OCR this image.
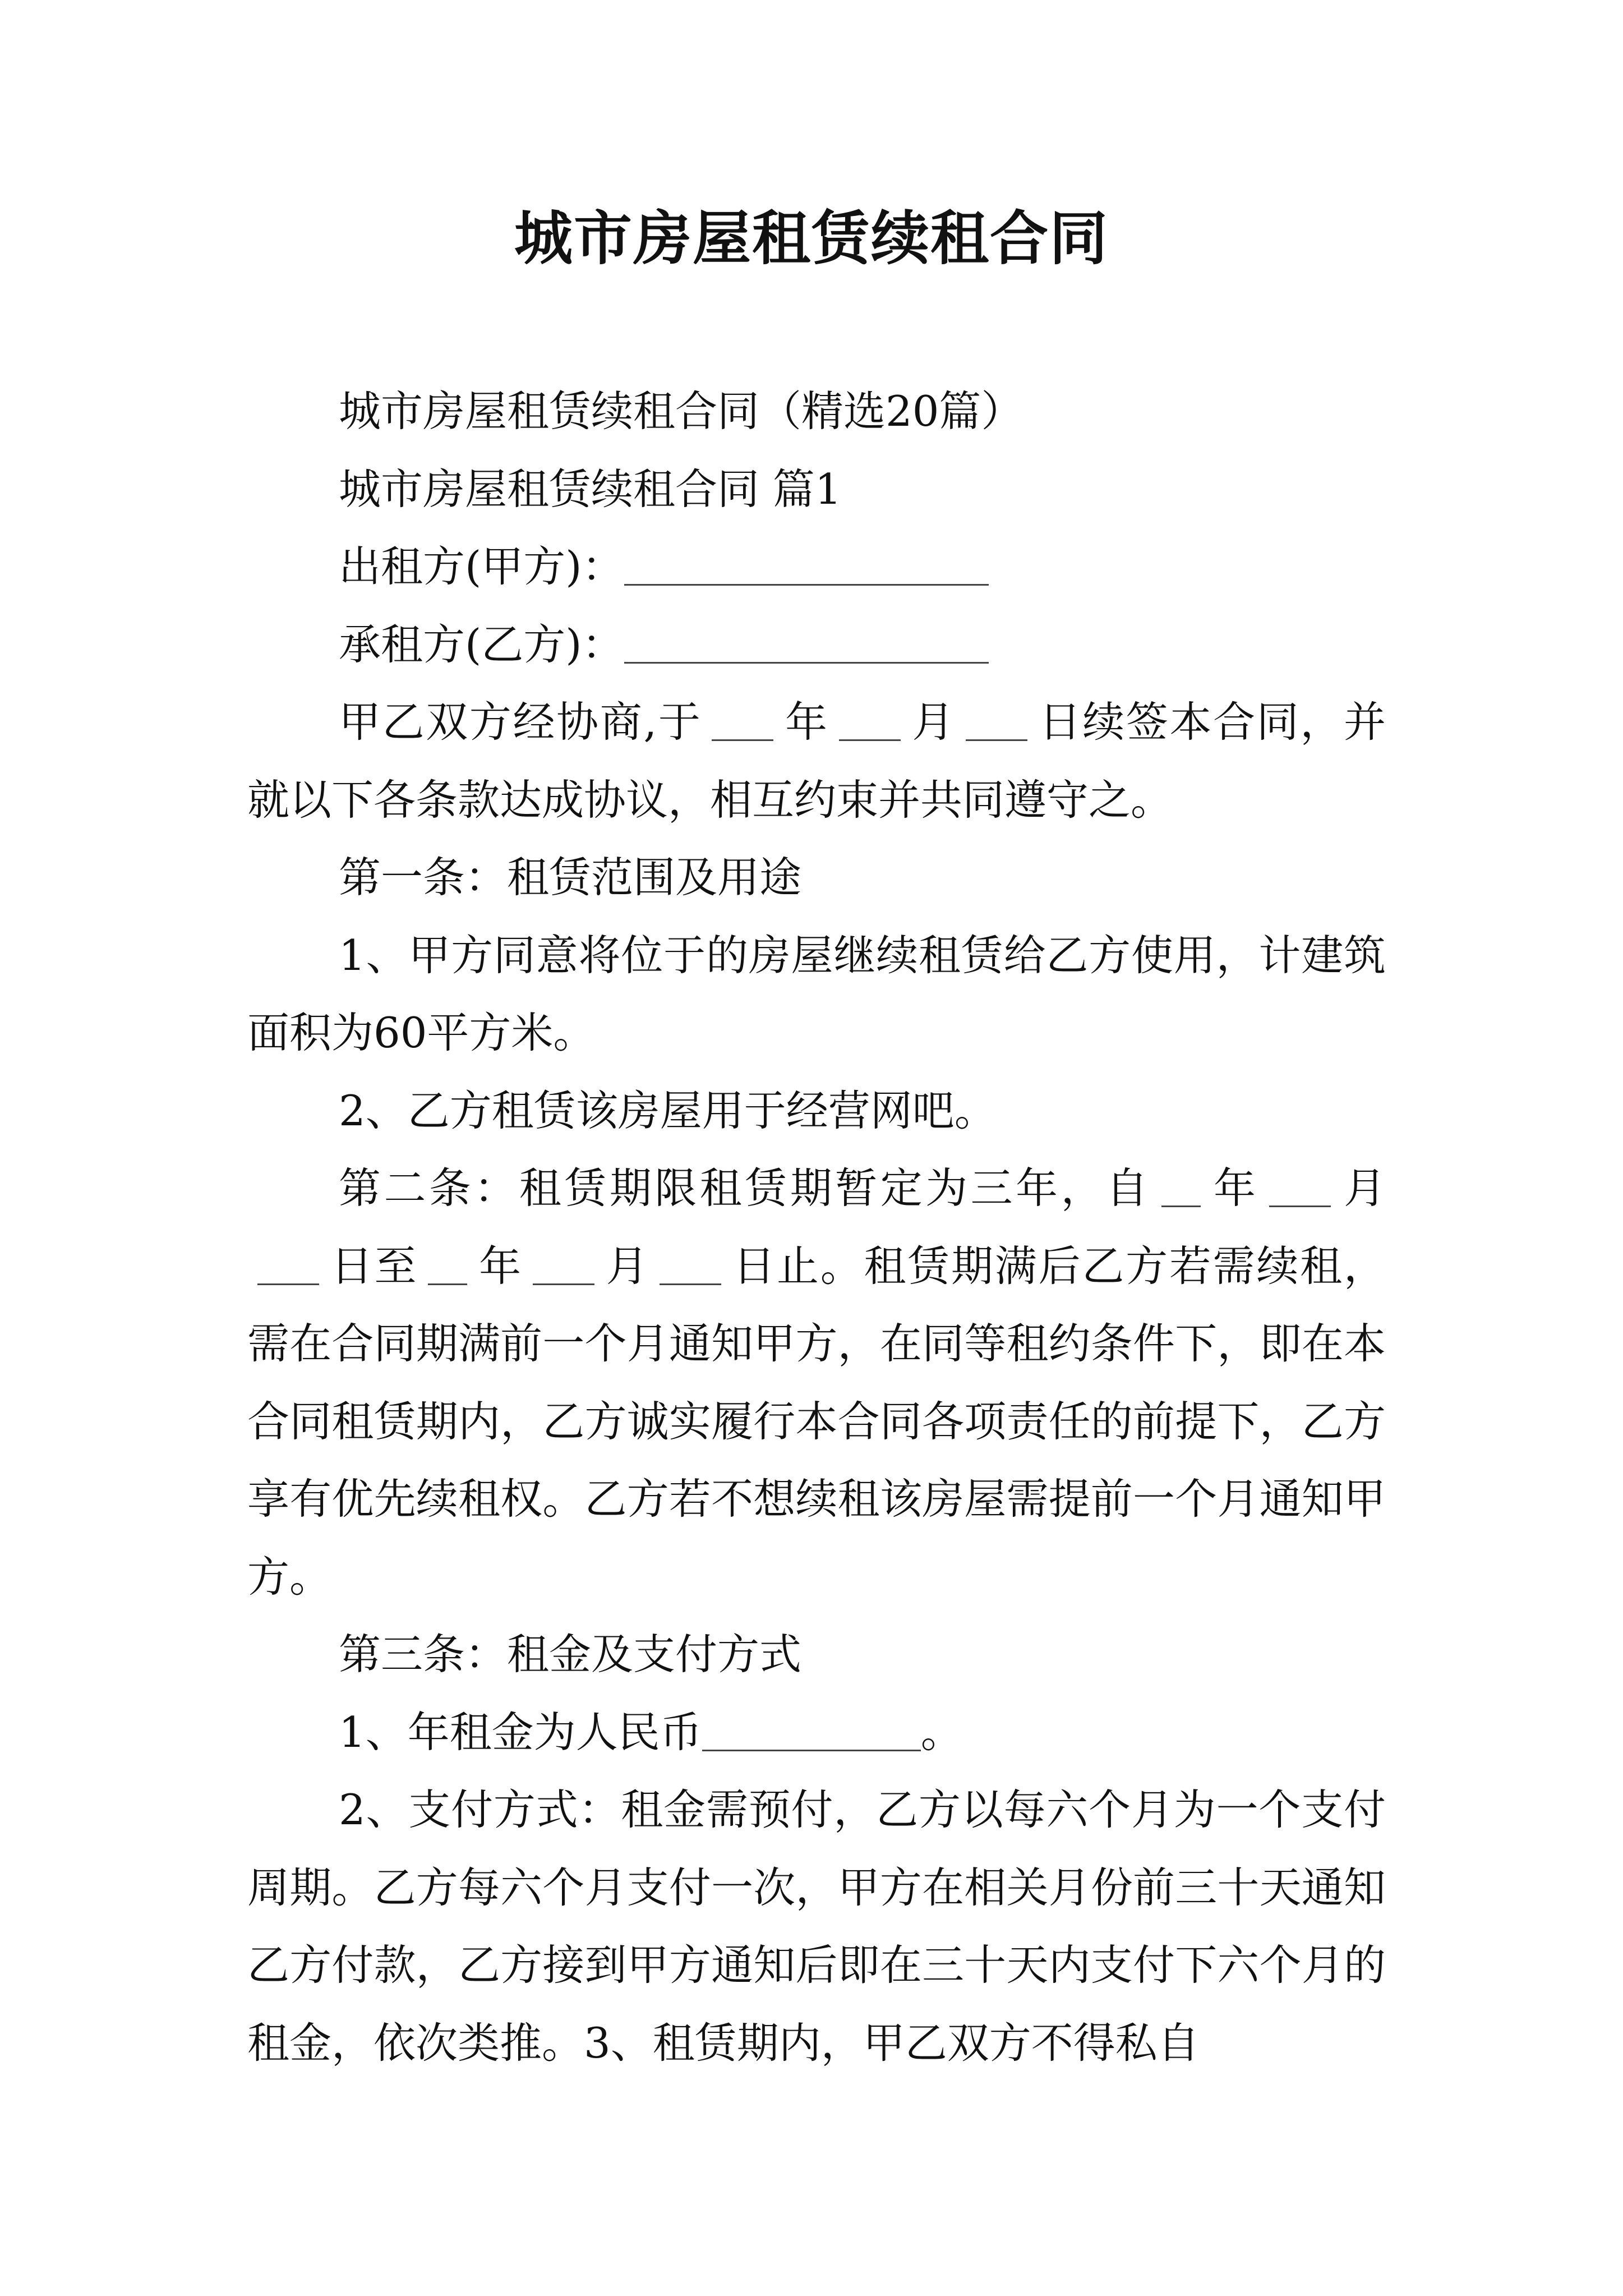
城市房屋租赁续租合同

城市房屋租赁续租合同（精选20篇）

城市房屋租赁续租合同 篇1

出租方(甲方)：

承租方(乙方)：

甲乙双方经协商,于 年 月 日续签本合同，并就以下各条款达成协议，相互约束并共同遵守之。

第一条：租赁范围及用途

1、甲方同意将位于的房屋继续租赁给乙方使用，计建筑面积为60平方米。

2、乙方租赁该房屋用于经营网吧。

第二条：租赁期限租赁期暂定为三年，自 年 月日至 年 月 日止。租赁期满后乙方若需续租，需在合同期满前一个月通知甲方，在同等租约条件下，即在本合同租赁期内，乙方诚实履行本合同各项责任的前提下，乙方享有优先续租权。乙方若不想续租该房屋需提前一个月通知甲方。

第三条：租金及支付方式

1、年租金为人民币	。

2、支付方式：租金需预付，乙方以每六个月为一个支付周期。乙方每六个月支付一次，甲方在相关月份前三十天通知乙方付款，乙方接到甲方通知后即在三十天内支付下六个月的租金，依次类推。3、租赁期内，甲乙双方不得私自
